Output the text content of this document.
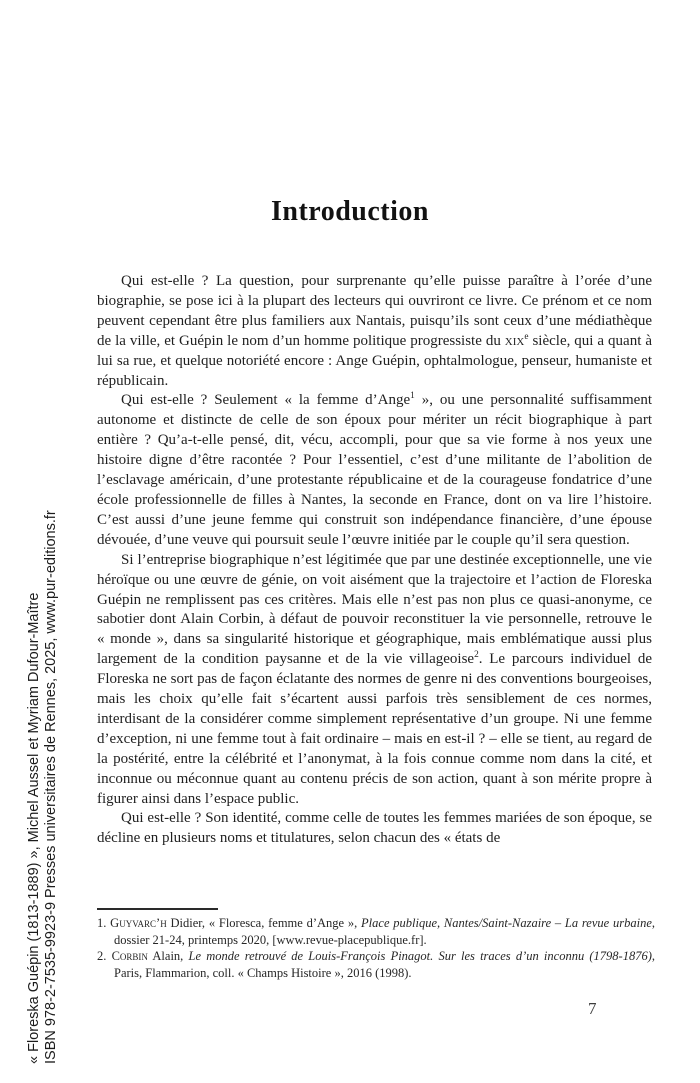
« Floreska Guépin (1813-1889) », Michel Aussel et Myriam Dufour-Maître ISBN 978-2-7535-9923-9 Presses universitaires de Rennes, 2025, www.pur-editions.fr
Introduction

Qui est-elle ? La question, pour surprenante qu’elle puisse paraître à l’orée d’une biographie, se pose ici à la plupart des lecteurs qui ouvriront ce livre. Ce prénom et ce nom peuvent cependant être plus familiers aux Nantais, puisqu’ils sont ceux d’une médiathèque de la ville, et Guépin le nom d’un homme politique progressiste du xix$^e$ siècle, qui a quant à lui sa rue, et quelque notoriété encore : Ange Guépin, ophtalmologue, penseur, humaniste et républicain.

Qui est-elle ? Seulement « la femme d’Ange$^1$ », ou une personnalité suffisamment autonome et distincte de celle de son époux pour mériter un récit biographique à part entière ? Qu’a-t-elle pensé, dit, vécu, accompli, pour que sa vie forme à nos yeux une histoire digne d’être racontée ? Pour l’essentiel, c’est d’une militante de l’abolition de l’esclavage américain, d’une protestante républicaine et de la courageuse fondatrice d’une école professionnelle de filles à Nantes, la seconde en France, dont on va lire l’histoire. C’est aussi d’une jeune femme qui construit son indépendance financière, d’une épouse dévouée, d’une veuve qui poursuit seule l’œuvre initiée par le couple qu’il sera question.

Si l’entreprise biographique n’est légitimée que par une destinée exceptionnelle, une vie héroïque ou une œuvre de génie, on voit aisément que la trajectoire et l’action de Floreska Guépin ne remplissent pas ces critères. Mais elle n’est pas non plus ce quasi-anonyme, ce sabotier dont Alain Corbin, à défaut de pouvoir reconstituer la vie personnelle, retrouve le « monde », dans sa singularité historique et géographique, mais emblématique aussi plus largement de la condition paysanne et de la vie villageoise$^2$. Le parcours individuel de Floreska ne sort pas de façon éclatante des normes de genre ni des conventions bourgeoises, mais les choix qu’elle fait s’écartent aussi parfois très sensiblement de ces normes, interdisant de la considérer comme simplement représentative d’un groupe. Ni une femme d’exception, ni une femme tout à fait ordinaire – mais en est-il ? – elle se tient, au regard de la postérité, entre la célébrité et l’anonymat, à la fois connue comme nom dans la cité, et inconnue ou méconnue quant au contenu précis de son action, quant à son mérite propre à figurer ainsi dans l’espace public.

Qui est-elle ? Son identité, comme celle de toutes les femmes mariées de son époque, se décline en plusieurs noms et titulatures, selon chacun des « états de

1. Guyvarc’h Didier, « Floresca, femme d’Ange », Place publique, Nantes/Saint-Nazaire – La revue urbaine, dossier 21-24, printemps 2020, [www.revue-placepublique.fr].

2. Corbin Alain, Le monde retrouvé de Louis-François Pinagot. Sur les traces d’un inconnu (1798-1876), Paris, Flammarion, coll. « Champs Histoire », 2016 (1998).

7
